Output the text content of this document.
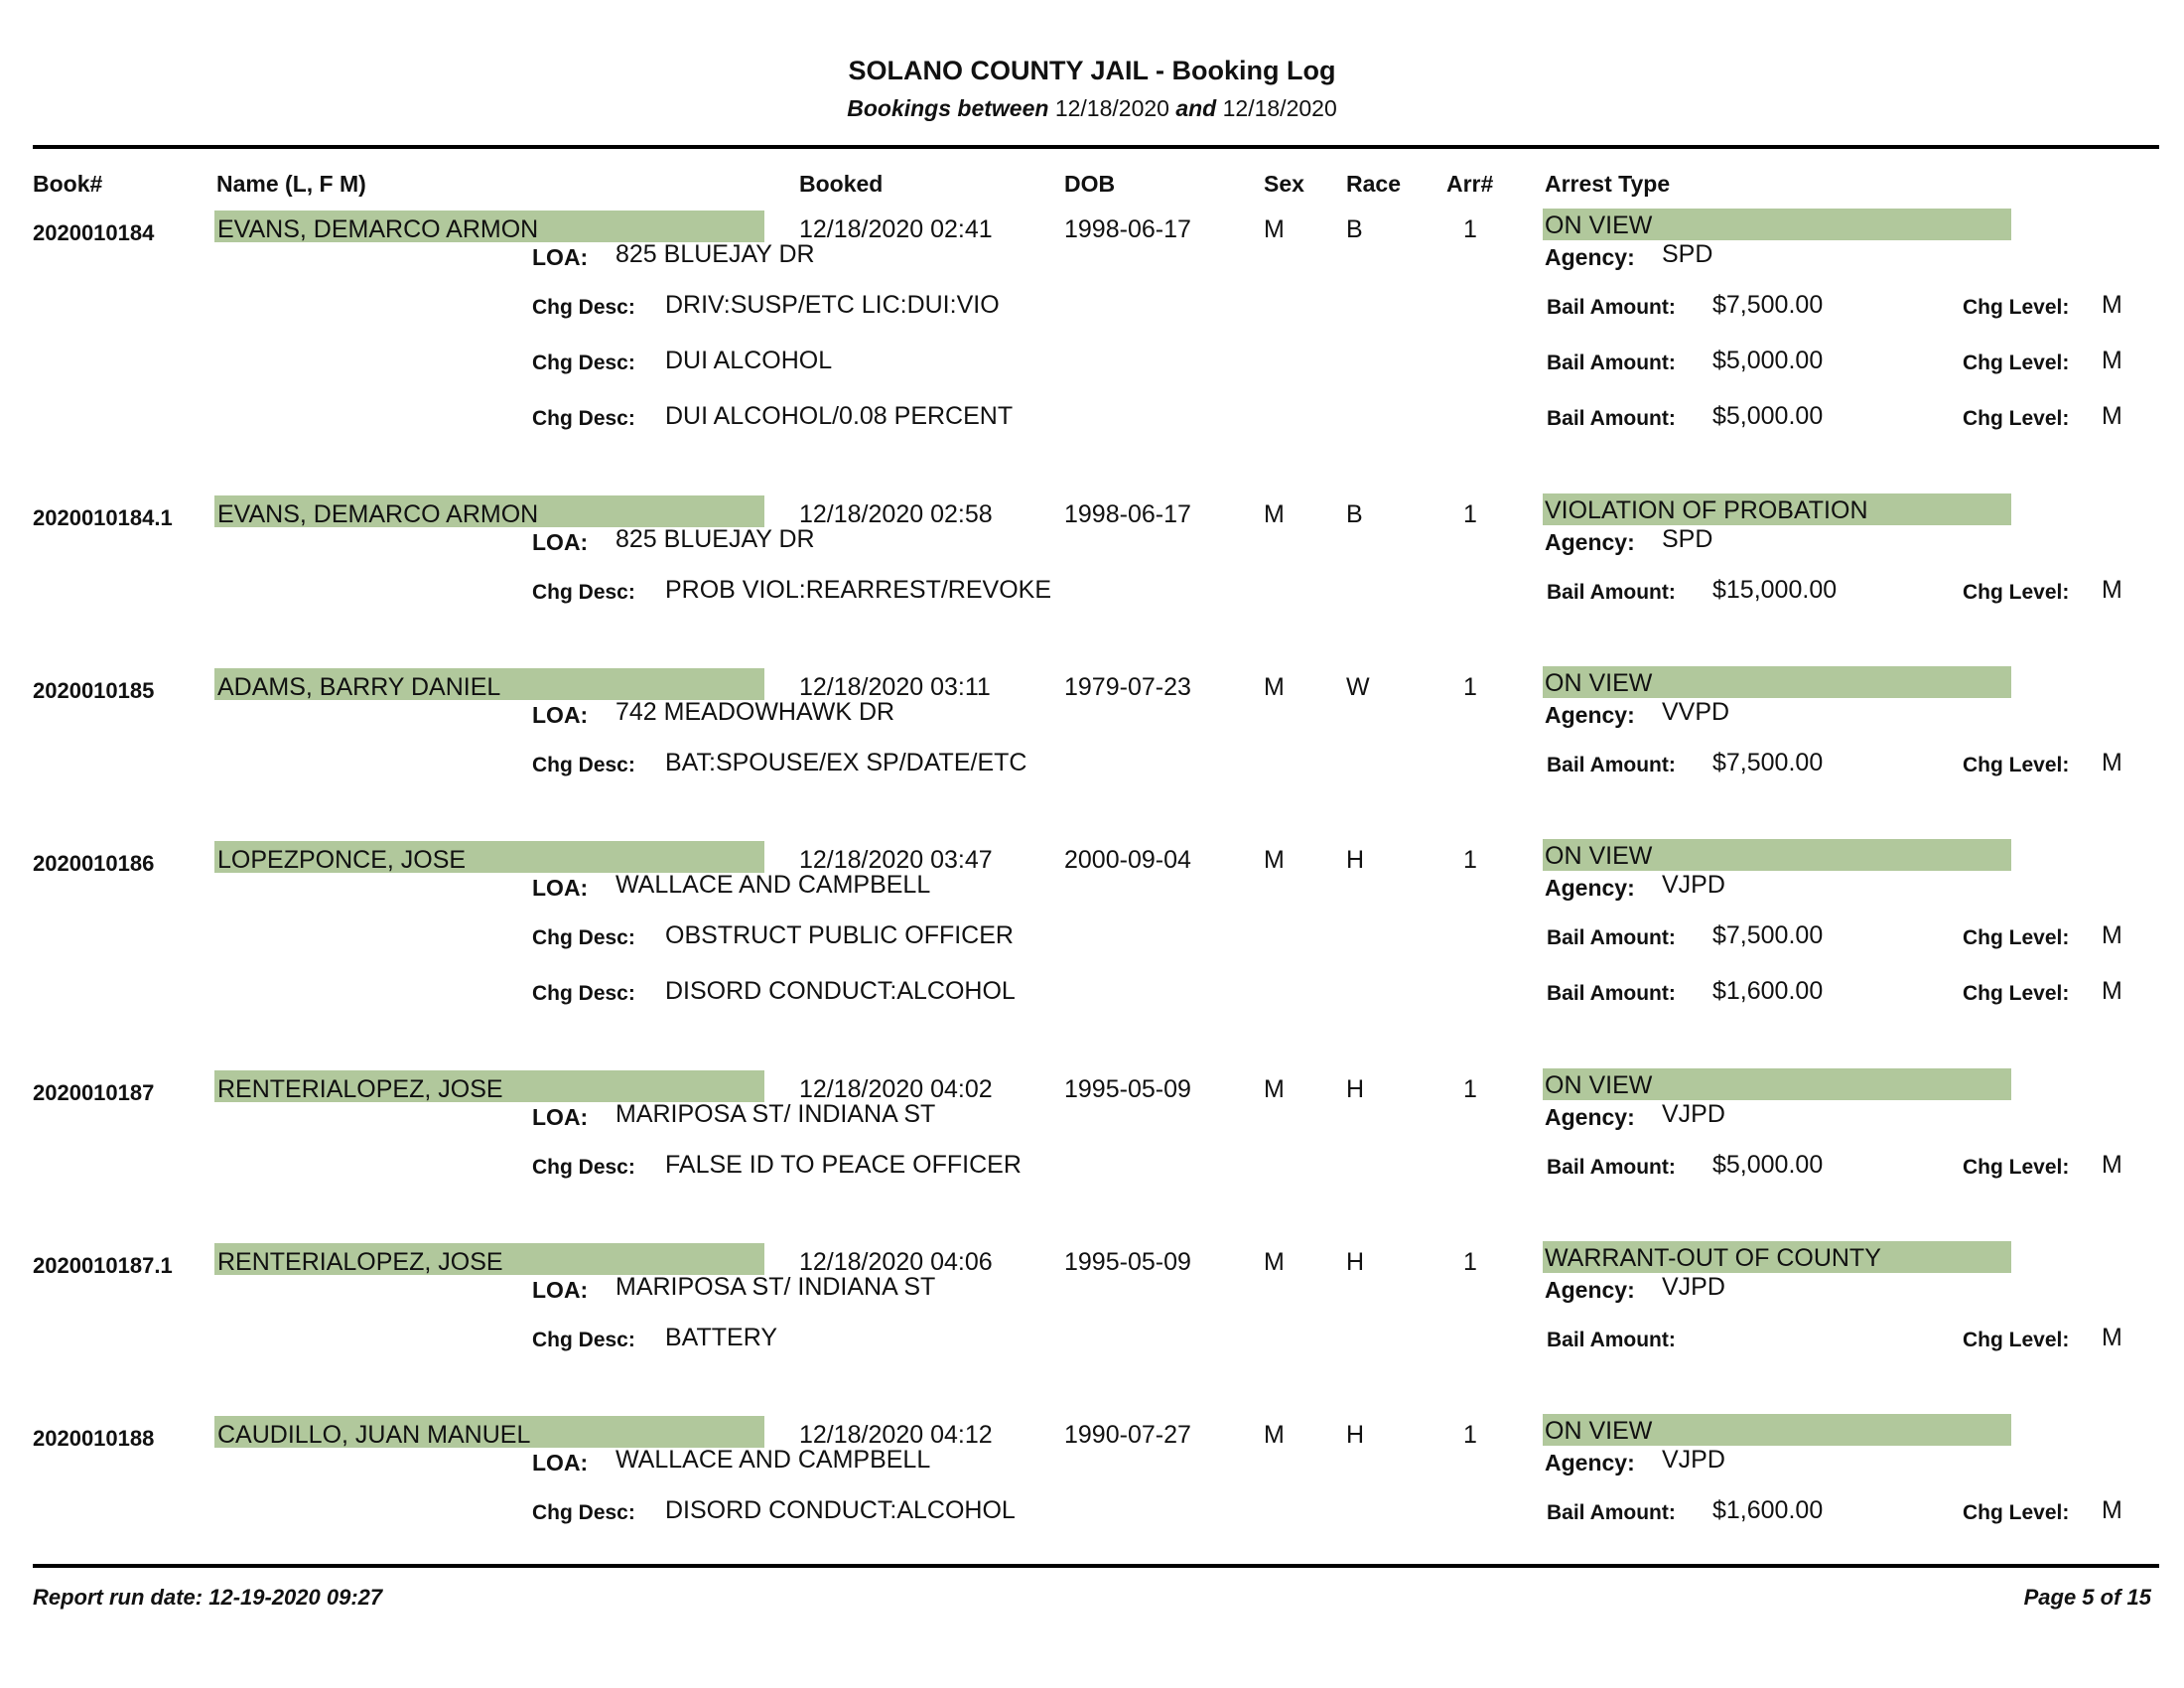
SOLANO COUNTY JAIL - Booking Log
Bookings between 12/18/2020 and 12/18/2020
Book#	Name (L, F M)	Booked	DOB	Sex Race Arr# Arrest Type
2020010184	EVANS, DEMARCO ARMON	12/18/2020 02:41	1998-06-17	M B	1	ON VIEW
LOA: 825 BLUEJAY DR	Agency: SPD
Chg Desc: DRIV:SUSP/ETC LIC:DUI:VIO	Bail Amount: $7,500.00	Chg Level: M
Chg Desc: DUI ALCOHOL	Bail Amount: $5,000.00	Chg Level: M
Chg Desc: DUI ALCOHOL/0.08 PERCENT	Bail Amount: $5,000.00	Chg Level: M
2020010184.1 EVANS, DEMARCO ARMON	12/18/2020 02:58	1998-06-17	M B	1	VIOLATION OF PROBATION
LOA: 825 BLUEJAY DR	Agency: SPD
Chg Desc: PROB VIOL:REARREST/REVOKE	Bail Amount: $15,000.00	Chg Level: M
2020010185	ADAMS, BARRY DANIEL	12/18/2020 03:11	1979-07-23	M W	1	ON VIEW
LOA: 742 MEADOWHAWK DR	Agency: VVPD
Chg Desc: BAT:SPOUSE/EX SP/DATE/ETC	Bail Amount: $7,500.00	Chg Level: M
2020010186	LOPEZPONCE, JOSE	12/18/2020 03:47	2000-09-04	M H	1	ON VIEW
LOA: WALLACE AND CAMPBELL	Agency: VJPD
Chg Desc: OBSTRUCT PUBLIC OFFICER	Bail Amount: $7,500.00	Chg Level: M
Chg Desc: DISORD CONDUCT:ALCOHOL	Bail Amount: $1,600.00	Chg Level: M
2020010187	RENTERIALOPEZ, JOSE	12/18/2020 04:02	1995-05-09	M H	1	ON VIEW
LOA: MARIPOSA ST/ INDIANA ST	Agency: VJPD
Chg Desc: FALSE ID TO PEACE OFFICER	Bail Amount: $5,000.00	Chg Level: M
2020010187.1 RENTERIALOPEZ, JOSE	12/18/2020 04:06	1995-05-09	M H	1	WARRANT-OUT OF COUNTY
LOA: MARIPOSA ST/ INDIANA ST	Agency: VJPD
Chg Desc: BATTERY	Bail Amount:	Chg Level: M
2020010188	CAUDILLO, JUAN MANUEL	12/18/2020 04:12	1990-07-27	M H	1	ON VIEW
LOA: WALLACE AND CAMPBELL	Agency: VJPD
Chg Desc: DISORD CONDUCT:ALCOHOL	Bail Amount: $1,600.00	Chg Level: M
Report run date: 12-19-2020 09:27	Page 5 of 15
